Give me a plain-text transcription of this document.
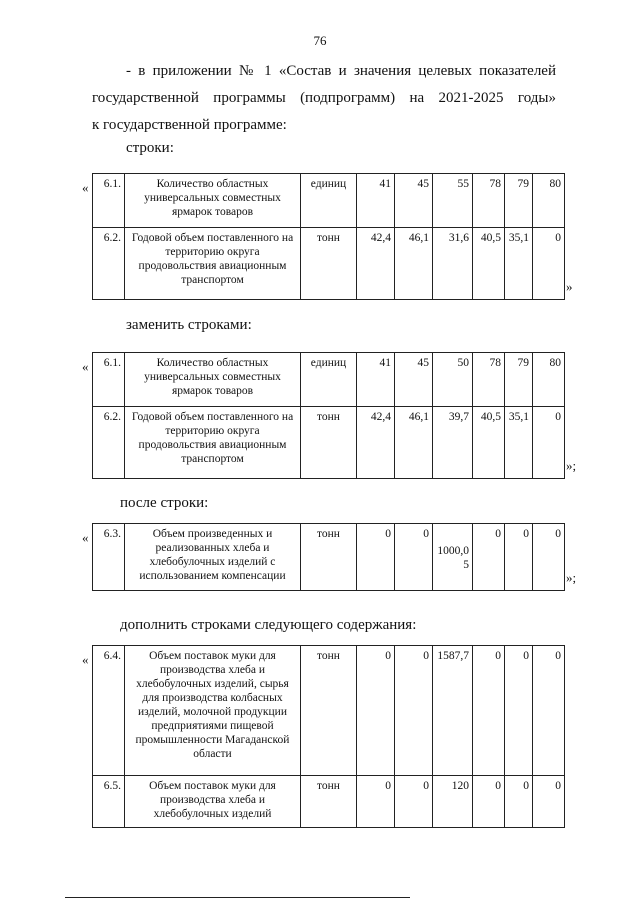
76
- в приложении № 1 «Состав и значения целевых показателей
государственной программы (подпрограмм) на 2021-2025 годы»
к государственной программе:
строки:
« 6.1.	Количество областных универсальных совместных ярмарок товаров	единиц	41	45	55	78	79	80
6.2.	Годовой объем поставленного на территорию округа продовольствия авиационным транспортом	тонн	42,4	46,1	31,6	40,5	35,1	0
»
заменить строками:
« 6.1.	Количество областных универсальных совместных ярмарок товаров	единиц	41	45	50	78	79	80
6.2.	Годовой объем поставленного на территорию округа продовольствия авиационным транспортом	тонн	42,4	46,1	39,7	40,5	35,1	0
»;
после строки:
« 6.3.	Объем произведенных и реализованных хлеба и хлебобулочных изделий с использованием компенсации	тонн	0	0	1000,05	0	0	0
»;
дополнить строками следующего содержания:
« 6.4.	Объем поставок муки для производства хлеба и хлебобулочных изделий, сырья для производства колбасных изделий, молочной продукции предприятиями пищевой промышленности Магаданской области	тонн	0	0	1587,7	0	0	0
6.5.	Объем поставок муки для производства хлеба и хлебобулочных изделий	тонн	0	0	120	0	0	0
